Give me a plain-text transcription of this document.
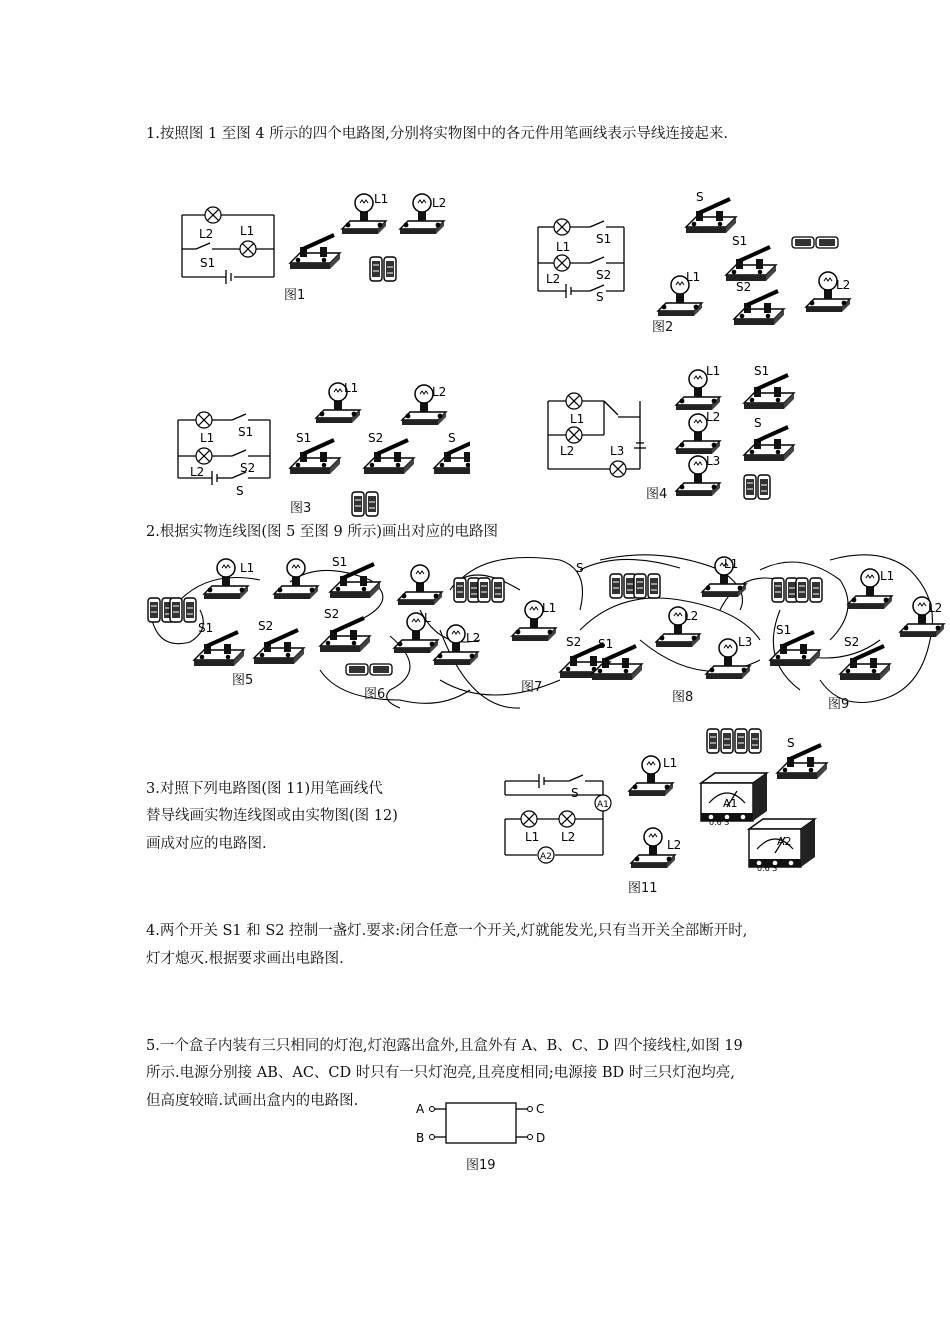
1.按照图 1 至图 4 所示的四个电路图,分别将实物图中的各元件用笔画线表示导线连接起来.
L2 L1
S1
L1	L2
图1
S1
L1
S2
L2
S
S
S1
L1
S2	L2
图2
L1 S1
L2	S2
S
L1	L2
S1	S2	S
图3
L1
L2	L3
L1
L2
L3
S1
S
图4
2.根据实物连线图(图 5 至图 9 所示)画出对应的电路图
L1
S1	S2
S1
S2	L
L1
L2	S2 S1
L1
L2
L3
S1
S2
L1
L2
S
图5
图6	图7
图8	图9
3.对照下列电路图(图 11)用笔画线代
替导线画实物连线图或由实物图(图 12)
画成对应的电路图.
S
A1
L1 L2
A2
L1
S
L2
A1
A2
0.6 3
0.6 3
图11
4.两个开关 S1 和 S2 控制一盏灯.要求:闭合任意一个开关,灯就能发光,只有当开关全部断开时,
灯才熄灭.根据要求画出电路图.
5.一个盒子内装有三只相同的灯泡,灯泡露出盒外,且盒外有 A、B、C、D 四个接线柱,如图 19
所示.电源分别接 AB、AC、CD 时只有一只灯泡亮,且亮度相同;电源接 BD 时三只灯泡均亮,
但高度较暗.试画出盒内的电路图.	A
B
C
D
图19
